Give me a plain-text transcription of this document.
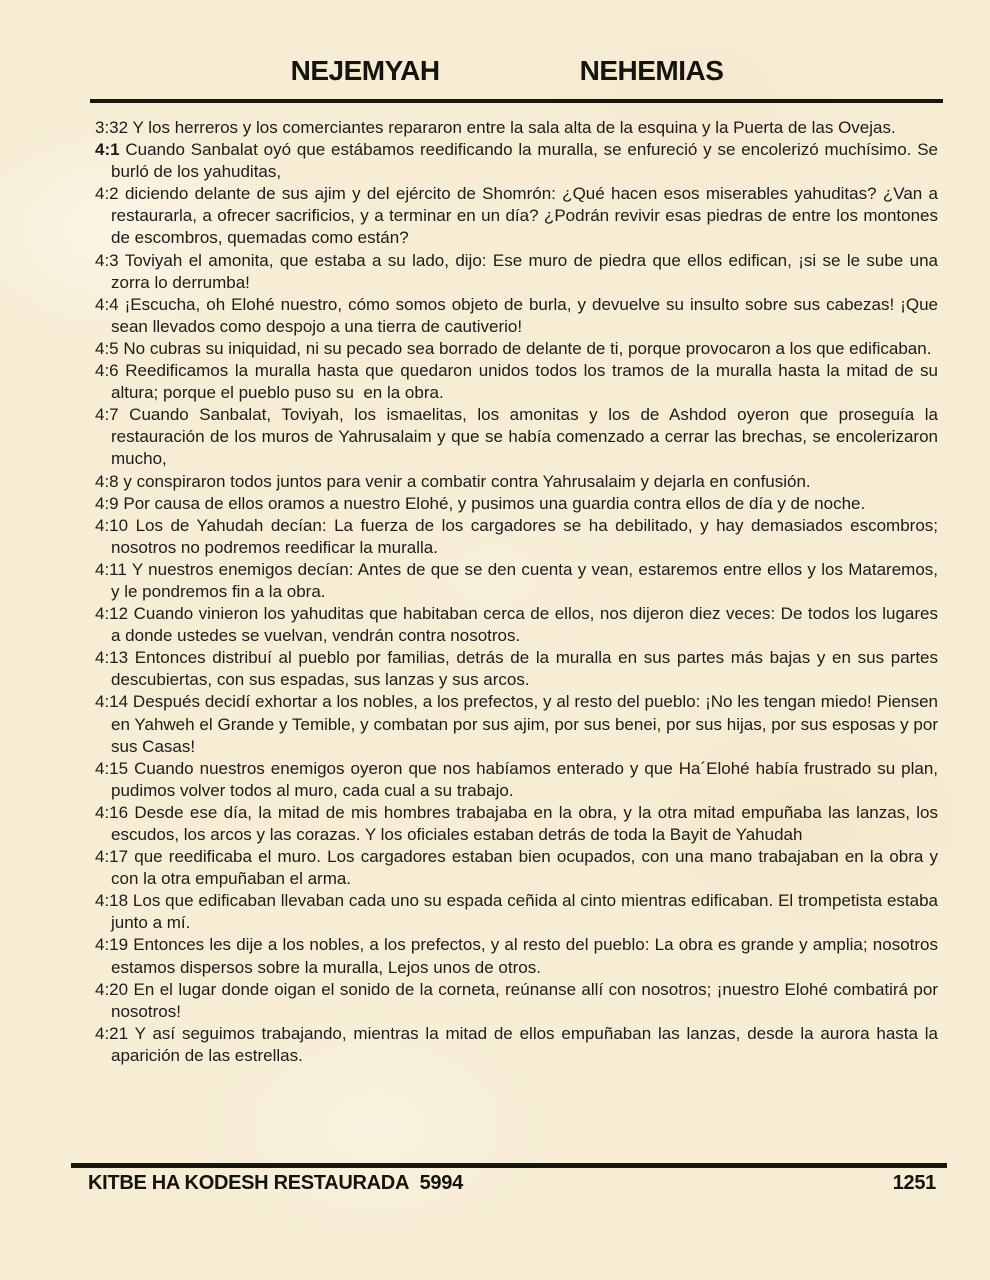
NEJEMYAH	NEHEMIAS

3:32 Y los herreros y los comerciantes repararon entre la sala alta de la esquina y la Puerta de las Ovejas.

4:1 Cuando Sanbalat oyó que estábamos reedificando la muralla, se enfureció y se encolerizó muchísimo. Se burló de los yahuditas,

4:2 diciendo delante de sus ajim y del ejército de Shomrón: ¿Qué hacen esos miserables yahuditas? ¿Van a restaurarla, a ofrecer sacrificios, y a terminar en un día? ¿Podrán revivir esas piedras de entre los montones de escombros, quemadas como están?

4:3 Toviyah el amonita, que estaba a su lado, dijo: Ese muro de piedra que ellos edifican, ¡si se le sube una zorra lo derrumba!

4:4 ¡Escucha, oh Elohé nuestro, cómo somos objeto de burla, y devuelve su insulto sobre sus cabezas! ¡Que sean llevados como despojo a una tierra de cautiverio!

4:5 No cubras su iniquidad, ni su pecado sea borrado de delante de ti, porque provocaron a los que edificaban.

4:6 Reedificamos la muralla hasta que quedaron unidos todos los tramos de la muralla hasta la mitad de su altura; porque el pueblo puso su  en la obra.

4:7 Cuando Sanbalat, Toviyah, los ismaelitas, los amonitas y los de Ashdod oyeron que proseguía la restauración de los muros de Yahrusalaim y que se había comenzado a cerrar las brechas, se encolerizaron mucho,

4:8 y conspiraron todos juntos para venir a combatir contra Yahrusalaim y dejarla en confusión.

4:9 Por causa de ellos oramos a nuestro Elohé, y pusimos una guardia contra ellos de día y de noche.

4:10 Los de Yahudah decían: La fuerza de los cargadores se ha debilitado, y hay demasiados escombros; nosotros no podremos reedificar la muralla.

4:11 Y nuestros enemigos decían: Antes de que se den cuenta y vean, estaremos entre ellos y los Mataremos, y le pondremos fin a la obra.

4:12 Cuando vinieron los yahuditas que habitaban cerca de ellos, nos dijeron diez veces: De todos los lugares a donde ustedes se vuelvan, vendrán contra nosotros.

4:13 Entonces distribuí al pueblo por familias, detrás de la muralla en sus partes más bajas y en sus partes descubiertas, con sus espadas, sus lanzas y sus arcos.

4:14 Después decidí exhortar a los nobles, a los prefectos, y al resto del pueblo: ¡No les tengan miedo! Piensen en Yahweh el Grande y Temible, y combatan por sus ajim, por sus benei, por sus hijas, por sus esposas y por sus Casas!

4:15 Cuando nuestros enemigos oyeron que nos habíamos enterado y que Ha´Elohé había frustrado su plan, pudimos volver todos al muro, cada cual a su trabajo.

4:16 Desde ese día, la mitad de mis hombres trabajaba en la obra, y la otra mitad empuñaba las lanzas, los escudos, los arcos y las corazas. Y los oficiales estaban detrás de toda la Bayit de Yahudah

4:17 que reedificaba el muro. Los cargadores estaban bien ocupados, con una mano trabajaban en la obra y con la otra empuñaban el arma.

4:18 Los que edificaban llevaban cada uno su espada ceñida al cinto mientras edificaban. El trompetista estaba junto a mí.

4:19 Entonces les dije a los nobles, a los prefectos, y al resto del pueblo: La obra es grande y amplia; nosotros estamos dispersos sobre la muralla, Lejos unos de otros.

4:20 En el lugar donde oigan el sonido de la corneta, reúnanse allí con nosotros; ¡nuestro Elohé combatirá por nosotros!

4:21 Y así seguimos trabajando, mientras la mitad de ellos empuñaban las lanzas, desde la aurora hasta la aparición de las estrellas.

KITBE HA KODESH RESTAURADA  5994	1251
